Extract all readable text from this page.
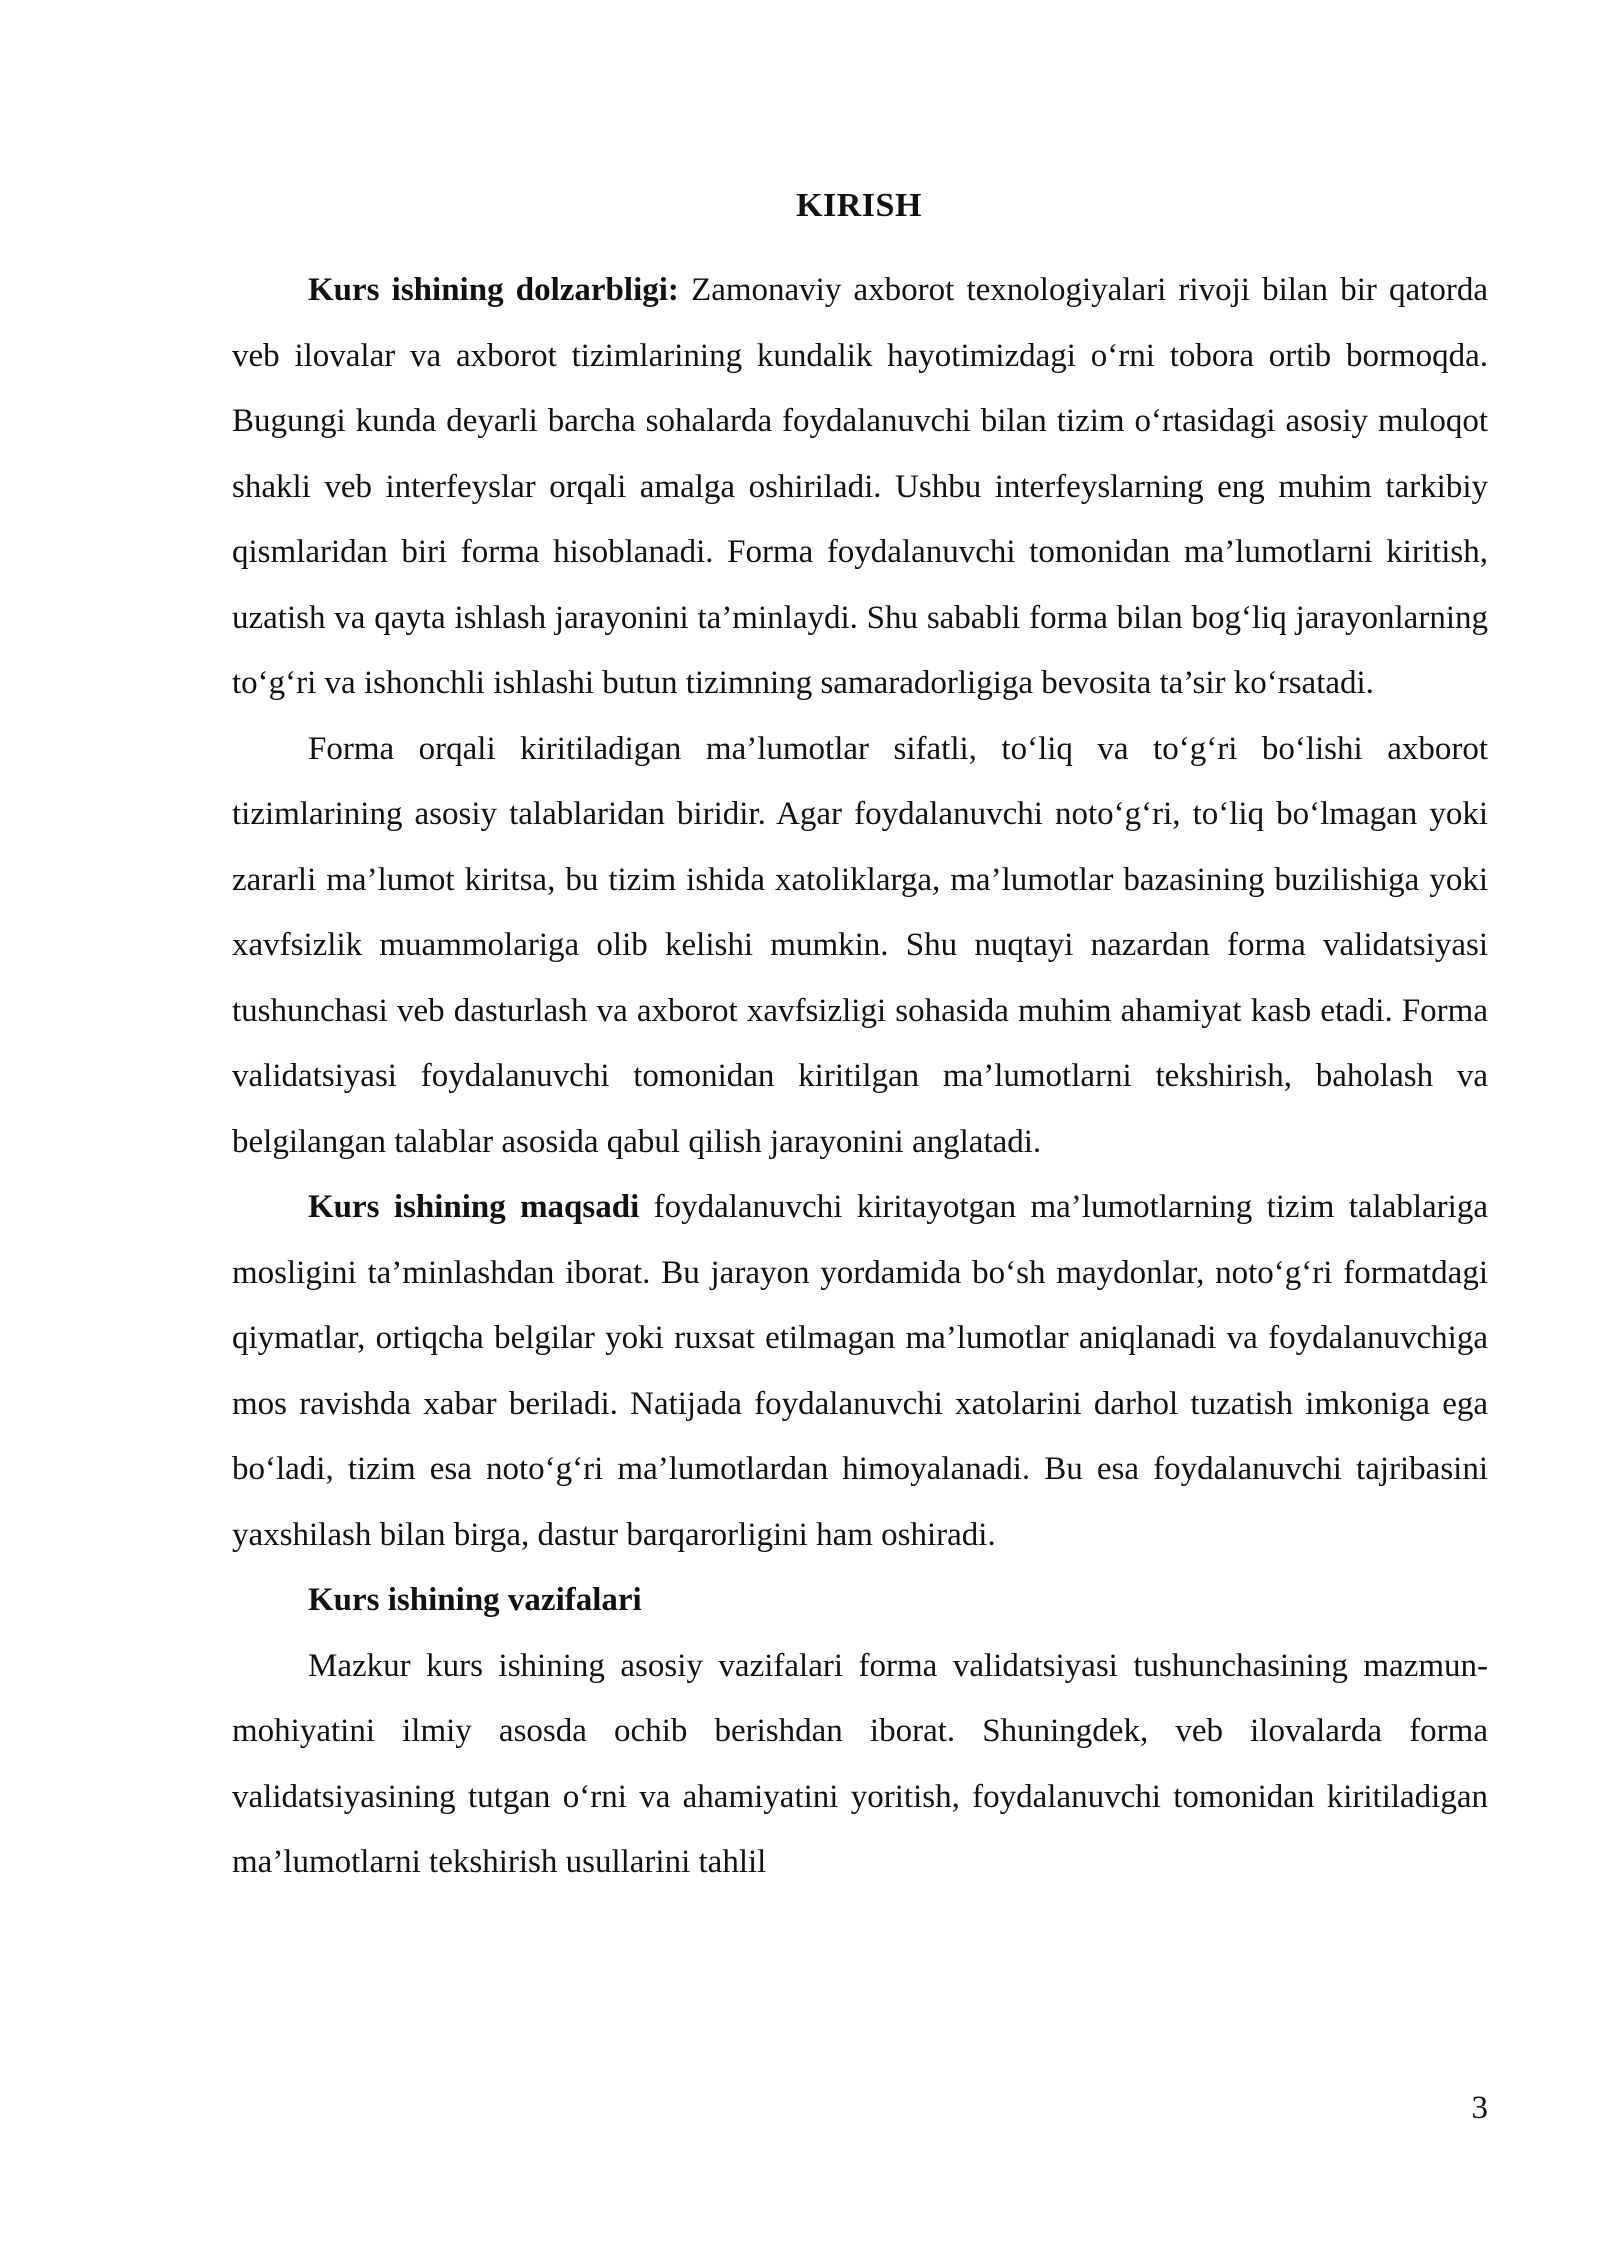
KIRISH

Kurs ishining dolzarbligi: Zamonaviy axborot texnologiyalari rivoji bilan bir qatorda veb ilovalar va axborot tizimlarining kundalik hayotimizdagi o‘rni tobora ortib bormoqda. Bugungi kunda deyarli barcha sohalarda foydalanuvchi bilan tizim o‘rtasidagi asosiy muloqot shakli veb interfeyslar orqali amalga oshiriladi. Ushbu interfeyslarning eng muhim tarkibiy qismlaridan biri forma hisoblanadi. Forma foydalanuvchi tomonidan ma’lumotlarni kiritish, uzatish va qayta ishlash jarayonini ta’minlaydi. Shu sababli forma bilan bog‘liq jarayonlarning to‘g‘ri va ishonchli ishlashi butun tizimning samaradorligiga bevosita ta’sir ko‘rsatadi.

Forma orqali kiritiladigan ma’lumotlar sifatli, to‘liq va to‘g‘ri bo‘lishi axborot tizimlarining asosiy talablaridan biridir. Agar foydalanuvchi noto‘g‘ri, to‘liq bo‘lmagan yoki zararli ma’lumot kiritsa, bu tizim ishida xatoliklarga, ma’lumotlar bazasining buzilishiga yoki xavfsizlik muammolariga olib kelishi mumkin. Shu nuqtayi nazardan forma validatsiyasi tushunchasi veb dasturlash va axborot xavfsizligi sohasida muhim ahamiyat kasb etadi. Forma validatsiyasi foydalanuvchi tomonidan kiritilgan ma’lumotlarni tekshirish, baholash va belgilangan talablar asosida qabul qilish jarayonini anglatadi.

Kurs ishining maqsadi foydalanuvchi kiritayotgan ma’lumotlarning tizim talablariga mosligini ta’minlashdan iborat. Bu jarayon yordamida bo‘sh maydonlar, noto‘g‘ri formatdagi qiymatlar, ortiqcha belgilar yoki ruxsat etilmagan ma’lumotlar aniqlanadi va foydalanuvchiga mos ravishda xabar beriladi. Natijada foydalanuvchi xatolarini darhol tuzatish imkoniga ega bo‘ladi, tizim esa noto‘g‘ri ma’lumotlardan himoyalanadi. Bu esa foydalanuvchi tajribasini yaxshilash bilan birga, dastur barqarorligini ham oshiradi.

Kurs ishining vazifalari

Mazkur kurs ishining asosiy vazifalari forma validatsiyasi tushunchasining mazmun-mohiyatini ilmiy asosda ochib berishdan iborat. Shuningdek, veb ilovalarda forma validatsiyasining tutgan o‘rni va ahamiyatini yoritish, foydalanuvchi tomonidan kiritiladigan ma’lumotlarni tekshirish usullarini tahlil

3
